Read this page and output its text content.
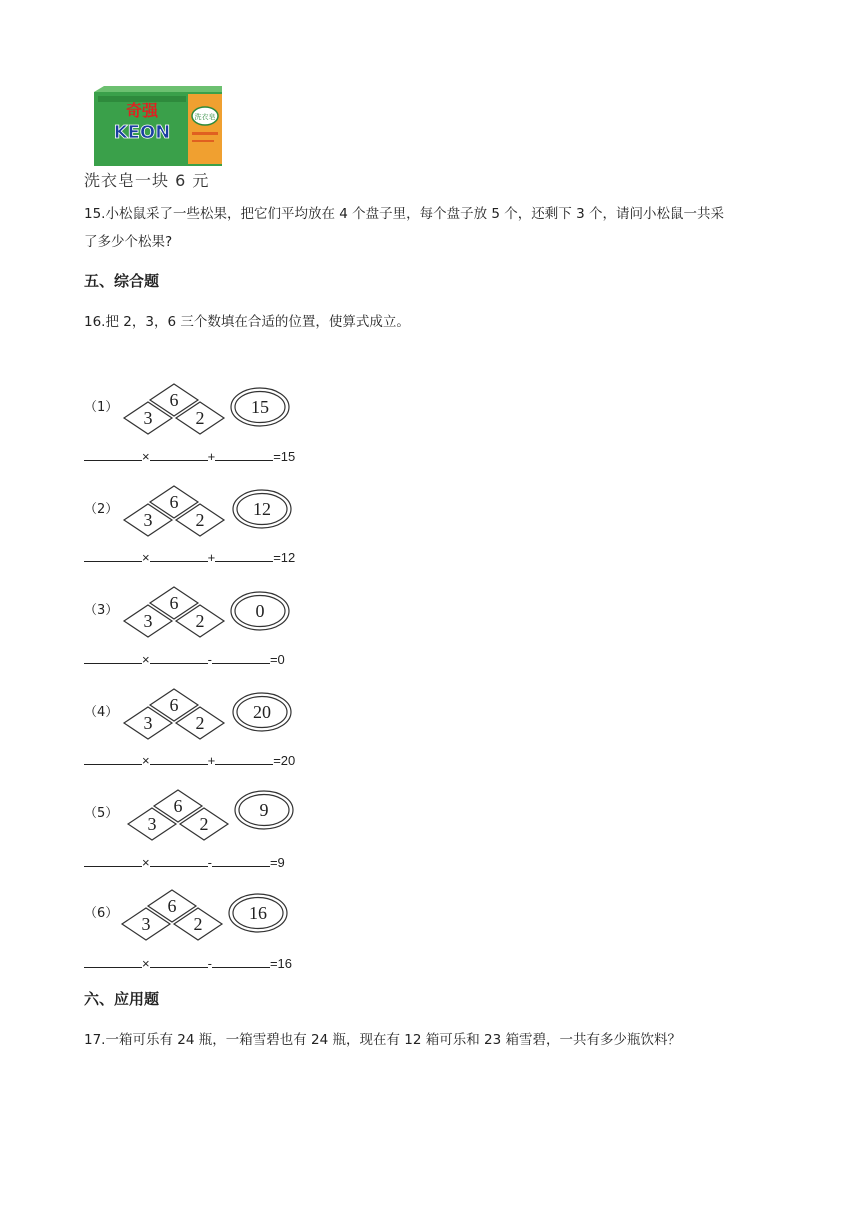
奇强
KEON
洗衣皂
洗衣皂一块 6 元
15.小松鼠采了一些松果，把它们平均放在 4 个盘子里，每个盘子放 5 个，还剩下 3 个，请问小松鼠一共采
了多少个松果?
五、综合题
16.把 2，3，6 三个数填在合适的位置，使算式成立。
（1）	6
3 2
15
×	+	=15
（2）	6
3 2
12
×	+	=12
（3）	6
3 2	0
×	-	=0
（4）	6
3 2
20
×	+	=20
（5）	6
3 2
9
×	-	=9
（6）	6
3 2
16
×	-	=16
六、应用题
17.一箱可乐有 24 瓶，一箱雪碧也有 24 瓶，现在有 12 箱可乐和 23 箱雪碧，一共有多少瓶饮料？
